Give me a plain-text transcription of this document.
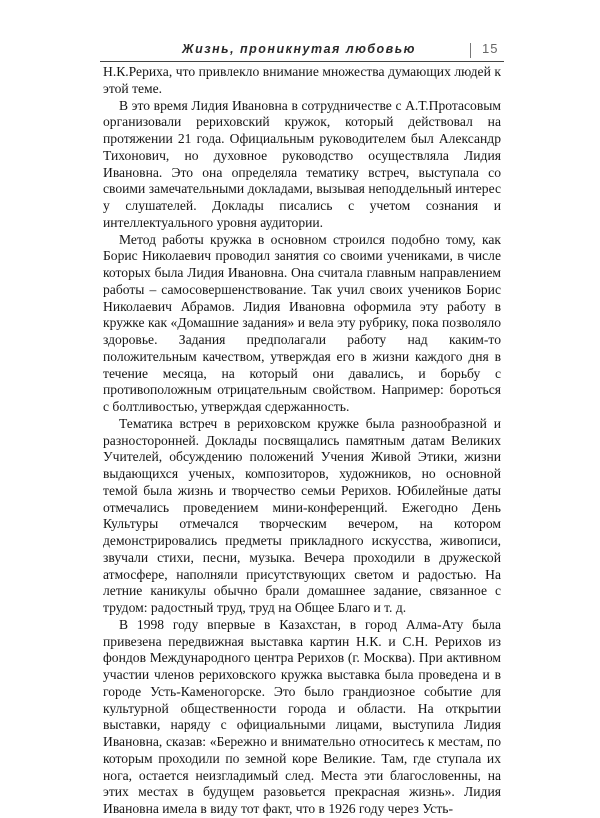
Жизнь, проникнутая любовью	15

Н.К.Рериха, что привлекло внимание множества думающих людей к этой теме.

В это время Лидия Ивановна в сотрудничестве с А.Т.Протасовым организовали рериховский кружок, который действовал на протяжении 21 года. Официальным руководителем был Александр Тихонович, но духовное руководство осуществляла Лидия Ивановна. Это она определяла тематику встреч, выступала со своими замечательными докладами, вызывая неподдельный интерес у слушателей. Доклады писались с учетом сознания и интеллектуального уровня аудитории.

Метод работы кружка в основном строился подобно тому, как Борис Николаевич проводил занятия со своими учениками, в числе которых была Лидия Ивановна. Она считала главным направлением работы – самосовершенствование. Так учил своих учеников Борис Николаевич Абрамов. Лидия Ивановна оформила эту работу в кружке как «Домашние задания» и вела эту рубрику, пока позволяло здоровье. Задания предполагали работу над каким-то положительным качеством, утверждая его в жизни каждого дня в течение месяца, на который они давались, и борьбу с противоположным отрицательным свойством. Например: бороться с болтливостью, утверждая сдержанность.

Тематика встреч в рериховском кружке была разнообразной и разносторонней. Доклады посвящались памятным датам Великих Учителей, обсуждению положений Учения Живой Этики, жизни выдающихся ученых, композиторов, художников, но основной темой была жизнь и творчество семьи Рерихов. Юбилейные даты отмечались проведением мини-конференций. Ежегодно День Культуры отмечался творческим вечером, на котором демонстрировались предметы прикладного искусства, живописи, звучали стихи, песни, музыка. Вечера проходили в дружеской атмосфере, наполняли присутствующих светом и радостью. На летние каникулы обычно брали домашнее задание, связанное с трудом: радостный труд, труд на Общее Благо и т. д.

В 1998 году впервые в Казахстан, в город Алма-Ату была привезена передвижная выставка картин Н.К. и С.Н. Рерихов из фондов Международного центра Рерихов (г. Москва). При активном участии членов рериховского кружка выставка была проведена и в городе Усть-Каменогорске. Это было грандиозное событие для культурной общественности города и области. На открытии выставки, наряду с официальными лицами, выступила Лидия Ивановна, сказав: «Бережно и внимательно относитесь к местам, по которым проходили по земной коре Великие. Там, где ступала их нога, остается неизгладимый след. Места эти благословенны, на этих местах в будущем разовьется прекрасная жизнь». Лидия Ивановна имела в виду тот факт, что в 1926 году через Усть-
